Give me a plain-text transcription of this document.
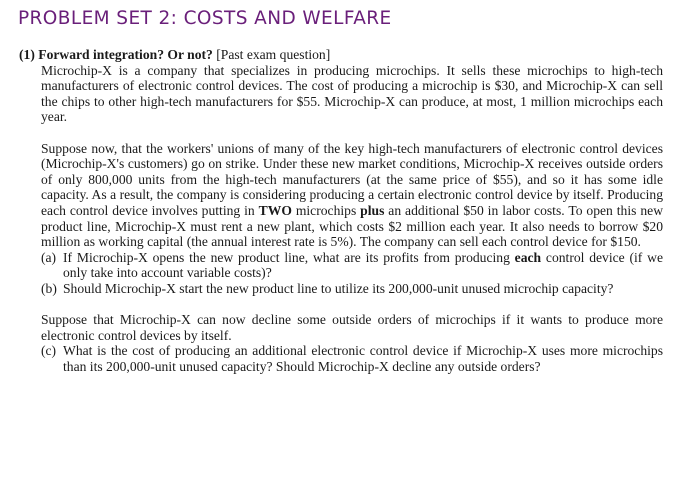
PROBLEM SET 2: COSTS AND WELFARE

(1) Forward integration? Or not? [Past exam question]

Microchip-X is a company that specializes in producing microchips. It sells these microchips to high-tech manufacturers of electronic control devices. The cost of producing a microchip is $30, and Microchip-X can sell the chips to other high-tech manufacturers for $55. Microchip-X can produce, at most, 1 million microchips each year.

Suppose now, that the workers' unions of many of the key high-tech manufacturers of electronic control devices (Microchip-X's customers) go on strike. Under these new market conditions, Microchip-X receives outside orders of only 800,000 units from the high-tech manufacturers (at the same price of $55), and so it has some idle capacity. As a result, the company is considering producing a certain electronic control device by itself. Producing each control device involves putting in TWO microchips plus an additional $50 in labor costs. To open this new product line, Microchip-X must rent a new plant, which costs $2 million each year. It also needs to borrow $20 million as working capital (the annual interest rate is 5%). The company can sell each control device for $150.

(a) If Microchip-X opens the new product line, what are its profits from producing each control device (if we only take into account variable costs)?
(b) Should Microchip-X start the new product line to utilize its 200,000-unit unused microchip capacity?

Suppose that Microchip-X can now decline some outside orders of microchips if it wants to produce more electronic control devices by itself.

(c) What is the cost of producing an additional electronic control device if Microchip-X uses more microchips than its 200,000-unit unused capacity? Should Microchip-X decline any outside orders?
